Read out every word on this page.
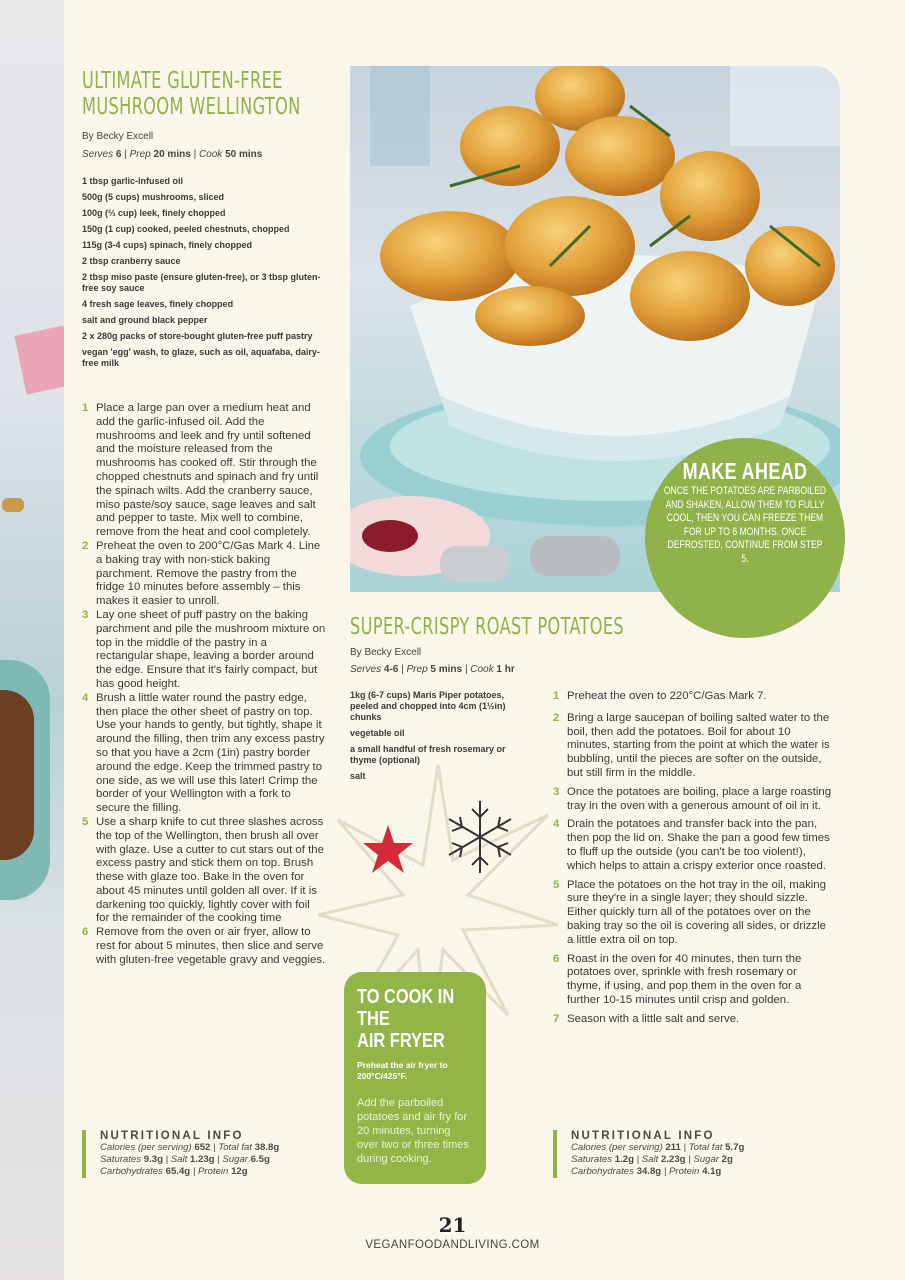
ULTIMATE GLUTEN-FREE
MUSHROOM WELLINGTON
By Becky Excell
Serves 6 | Prep 20 mins | Cook 50 mins
1 tbsp garlic-infused oil
500g (5 cups) mushrooms, sliced
100g (⅔ cup) leek, finely chopped
150g (1 cup) cooked, peeled chestnuts, chopped
115g (3-4 cups) spinach, finely chopped
2 tbsp cranberry sauce
2 tbsp miso paste (ensure gluten-free), or 3 tbsp gluten-free soy sauce
4 fresh sage leaves, finely chopped
salt and ground black pepper
2 x 280g packs of store-bought gluten-free puff pastry
vegan 'egg' wash, to glaze, such as oil, aquafaba, dairy-free milk
1 Place a large pan over a medium heat and add the garlic-infused oil. Add the mushrooms and leek and fry until softened and the moisture released from the mushrooms has cooked off. Stir through the chopped chestnuts and spinach and fry until the spinach wilts. Add the cranberry sauce, miso paste/soy sauce, sage leaves and salt and pepper to taste. Mix well to combine, remove from the heat and cool completely.
2 Preheat the oven to 200°C/Gas Mark 4. Line a baking tray with non-stick baking parchment. Remove the pastry from the fridge 10 minutes before assembly – this makes it easier to unroll.
3 Lay one sheet of puff pastry on the baking parchment and pile the mushroom mixture on top in the middle of the pastry in a rectangular shape, leaving a border around the edge. Ensure that it's fairly compact, but has good height.
4 Brush a little water round the pastry edge, then place the other sheet of pastry on top. Use your hands to gently, but tightly, shape it around the filling, then trim any excess pastry so that you have a 2cm (1in) pastry border around the edge. Keep the trimmed pastry to one side, as we will use this later! Crimp the border of your Wellington with a fork to secure the filling.
5 Use a sharp knife to cut three slashes across the top of the Wellington, then brush all over with glaze. Use a cutter to cut stars out of the excess pastry and stick them on top. Brush these with glaze too. Bake in the oven for about 45 minutes until golden all over. If it is darkening too quickly, lightly cover with foil for the remainder of the cooking time
6 Remove from the oven or air fryer, allow to rest for about 5 minutes, then slice and serve with gluten-free vegetable gravy and veggies.
NUTRITIONAL INFO
Calories (per serving) 652 | Total fat 38.8g
Saturates 9.3g | Salt 1.23g | Sugar 6.5g
Carbohydrates 65.4g | Protein 12g
MAKE AHEAD
ONCE THE POTATOES ARE PARBOILED AND SHAKEN, ALLOW THEM TO FULLY COOL, THEN YOU CAN FREEZE THEM FOR UP TO 6 MONTHS. ONCE DEFROSTED, CONTINUE FROM STEP 5.
SUPER-CRISPY ROAST POTATOES
By Becky Excell
Serves 4-6 | Prep 5 mins | Cook 1 hr
1kg (6-7 cups) Maris Piper potatoes, peeled and chopped into 4cm (1½in) chunks
vegetable oil
a small handful of fresh rosemary or thyme (optional)
salt
TO COOK IN THE
AIR FRYER
Preheat the air fryer to 200°C/425°F.
Add the parboiled potatoes and air fry for 20 minutes, turning over two or three times during cooking.
1 Preheat the oven to 220°C/Gas Mark 7.
2 Bring a large saucepan of boiling salted water to the boil, then add the potatoes. Boil for about 10 minutes, starting from the point at which the water is bubbling, until the pieces are softer on the outside, but still firm in the middle.
3 Once the potatoes are boiling, place a large roasting tray in the oven with a generous amount of oil in it.
4 Drain the potatoes and transfer back into the pan, then pop the lid on. Shake the pan a good few times to fluff up the outside (you can't be too violent!), which helps to attain a crispy exterior once roasted.
5 Place the potatoes on the hot tray in the oil, making sure they're in a single layer; they should sizzle. Either quickly turn all of the potatoes over on the baking tray so the oil is covering all sides, or drizzle a little extra oil on top.
6 Roast in the oven for 40 minutes, then turn the potatoes over, sprinkle with fresh rosemary or thyme, if using, and pop them in the oven for a further 10-15 minutes until crisp and golden.
7 Season with a little salt and serve.
NUTRITIONAL INFO
Calories (per serving) 211 | Total fat 5.7g
Saturates 1.2g | Salt 2.23g | Sugar 2g
Carbohydrates 34.8g | Protein 4.1g
21
VEGANFOODANDLIVING.COM
